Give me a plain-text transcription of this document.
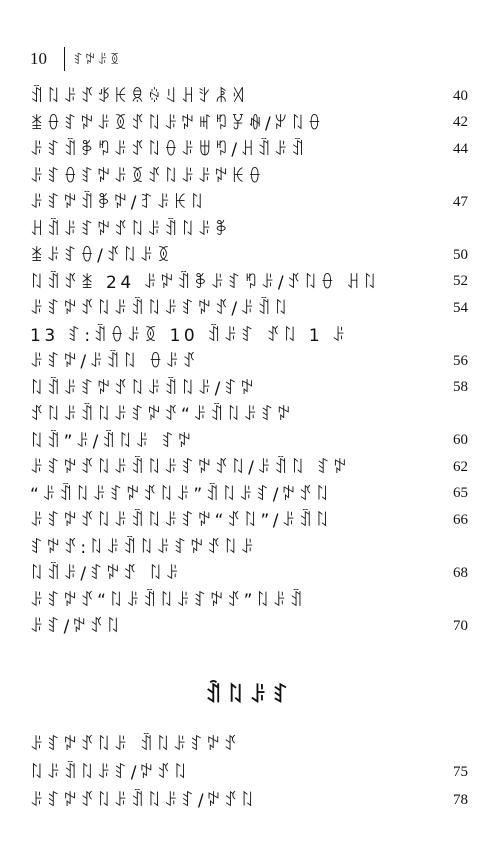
10	ꆏꉢꌠꅉ
ꀉꇁꌠꀋꉪꀘꌋꍈꆹꃅꇬꂿꄉ	40
ꁧꂷꆏꉢꌠꅉꀋꇁꌠꉢꎭꑳꐯꊿ/ꏃꇁꂷ	42
ꌠꆏꀉꃆꑳꌠꀋꇁꂷꌠꁁꑳ/ꃅꀉꌠꀉ	44
ꌠꆏꂷꆏꉢꌠꅉꀋꇁꌠꌠꉢꀘꂷ
ꌠꆏꉢꀉꃆꉢ/ꆈꌠꀘꇁ	47
ꃅꀉꌠꆏꉢꀋꇁꌠꀉꇁꌠꃆ
ꁧꌠꆏꂷ/ꀋꇁꌠꅉ	50
ꇁꀉꀋꁧ 24 ꌠꉢꀉꃆꌠꆏꑳꌠ/ꀋꇁꂷ ꃅꇁ	52
ꌠꆏꉢꀋꇁꌠꀉꇁꌠꆏꉢꀋ/ꌠꀉꇁ	54
13 ꆏ:ꀉꂷꌠꅉ 10 ꀉꌠꆏ ꀋꇁ 1 ꌠ
ꌠꆏꉢ/ꌠꀉꇁ ꂷꌠꀋ	56
ꇁꀉꌠꆏꉢꀋꇁꌠꀉꇁꌠ/ꆏꉢ	58
ꀋꇁꌠꀉꇁꌠꆏꉢꀋ“ꌠꀉꇁꌠꆏꉢ
ꇁꀉ”ꌠ/ꀉꇁꌠ ꆏꉢ	60
ꌠꆏꉢꀋꇁꌠꀉꇁꌠꆏꉢꀋꇁ/ꌠꀉꇁ ꆏꉢ	62
“ꌠꀉꇁꌠꆏꉢꀋꇁꌠ”ꀉꇁꌠꆏ/ꉢꀋꇁ	65
ꌠꆏꉢꀋꇁꌠꀉꇁꌠꆏꉢ“ꀋꇁ”/ꌠꀉꇁ	66
ꆏꉢꀋ:ꇁꌠꀉꇁꌠꆏꉢꀋꇁꌠ
ꇁꀉꌠ/ꆏꉢꀋ ꇁꌠ	68
ꌠꆏꉢꀋ“ꇁꌠꀉꇁꌠꆏꉢꀋ”ꇁꌠꀉ
ꌠꆏ/ꉢꀋꇁ	70
ꀉꇁꌠꆏ
ꌠꆏꉢꀋꇁꌠ ꀉꇁꌠꆏꉢꀋ
ꇁꌠꀉꇁꌠꆏ/ꉢꀋꇁ	75
ꌠꆏꉢꀋꇁꌠꀉꇁꌠꆏ/ꉢꀋꇁ	78
